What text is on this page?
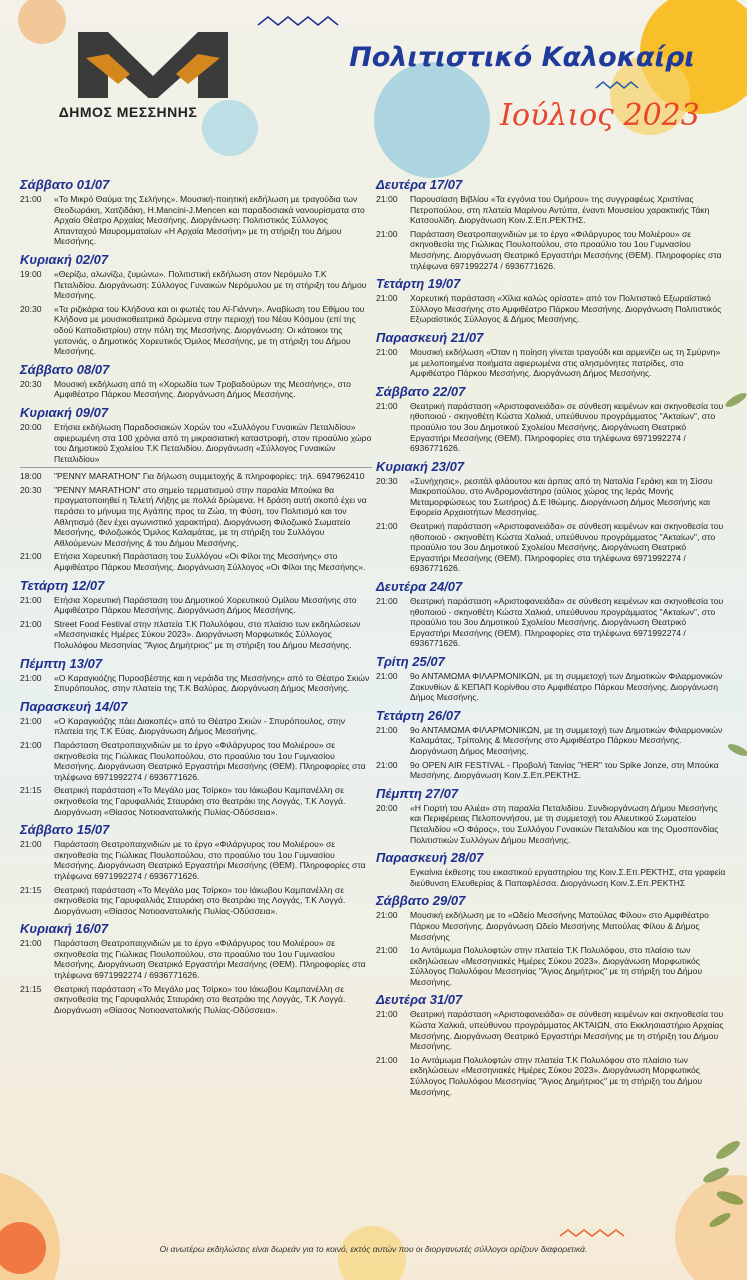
ΔΗΜΟΣ ΜΕΣΣΗΝΗΣ
Πολιτιστικό Καλοκαίρι
Ιούλιος 2023
Σάββατο 01/07
21:00	«Το Μικρό Θαύμα της Σελήνης». Μουσική-ποιητική εκδήλωση με τραγούδια των Θεοδωράκη, Χατζιδάκη, Η.Mancini-J.Mencen και παραδοσιακά νανουρίσματα στο Αρχαίο Θέατρο Αρχαίας Μεσσήνης. Διοργάνωση: Πολιτιστικός Σύλλογος Απανταχού Μαυρομματαίων «Η Αρχαία Μεσσήνη» με τη στήριξη του Δήμου Μεσσήνης.
Κυριακή 02/07
19:00	«Θερίζω, αλωνίζω, ζυμώνω». Πολιτιστική εκδήλωση στον Νερόμυλο Τ.Κ Πεταλιδίου. Διοργάνωση: Σύλλογος Γυναικών Νερόμυλου με τη στήριξη του Δήμου Μεσσήνης.
20:30	«Τα ριζικάρια του Κλήδονα και οι φωτιές του Αϊ-Γιάννη». Αναβίωση του Εθίμου του Κλήδονα με μουσικοθεατρικά δρώμενα στην περιοχή του Νέου Κόσμου (επί της οδού Καποδιστρίου) στην πόλη της Μεσσήνης. Διοργάνωση: Οι κάτοικοι της γειτονιάς, ο Δημοτικός Χορευτικός Όμιλος Μεσσήνης, με τη στήριξη του Δήμου Μεσσήνης.
Σάββατο 08/07
20:30	Μουσική εκδήλωση από τη «Χορωδία των Τροβαδούρων της Μεσσήνης», στο Αμφιθέατρο Πάρκου Μεσσήνης. Διοργάνωση Δήμος Μεσσήνης.
Κυριακή 09/07
20:00	Ετήσια εκδήλωση Παραδοσιακών Χορών του «Συλλόγου Γυναικών Πεταλιδίου» αφιερωμένη στα 100 χρόνια από τη μικρασιατική καταστροφή, στον προαύλιο χώρο του Δημοτικού Σχολείου Τ.Κ Πεταλιδίου. Διοργάνωση «Σύλλογος Γυναικών Πεταλιδίου»
18:00	"PENNY MARATHON" Για δήλωση συμμετοχής & πληροφορίες: τηλ. 6947962410
20:30	"PENNY MARATHON" στο σημείο τερματισμού στην παραλία Μπούκα θα πραγματοποιηθεί η Τελετή Λήξης με πολλά δρώμενα. Η δράση αυτή σκοπό έχει να περάσει το μήνυμα της Αγάπης προς τα Ζώα, τη Φύση, τον Πολιτισμό και τον Αθλητισμό (δεν έχει αγωνιστικό χαρακτήρα). Διοργάνωση Φιλοζωικό Σωματείο Μεσσήνης, Φιλοζωικός Όμιλος Καλαμάτας, με τη στήριξη του Συλλόγου Αθλούμενων Μεσσήνης & του Δήμου Μεσσήνης.
21:00	Ετήσια Χορευτική Παράσταση του Συλλόγου «Οι Φίλοι της Μεσσήνης» στο Αμφιθέατρο Πάρκου Μεσσήνης. Διοργάνωση Σύλλογος «Οι Φίλοι της Μεσσήνης».
Τετάρτη 12/07
21:00	Ετήσια Χορευτική Παράσταση του Δημοτικού Χορευτικού Ομίλου Μεσσήνης στο Αμφιθέατρο Πάρκου Μεσσήνης. Διοργάνωση Δήμος Μεσσήνης.
21:00	Street Food Festival στην πλατεία Τ.Κ Πολυλόφου, στο πλαίσιο των εκδηλώσεων «Μεσσηνιακές Ημέρες Σύκου 2023». Διοργάνωση Μορφωτικός Σύλλογος Πολυλόφου Μεσσηνίας "Άγιος Δημήτριος" με τη στήριξη του Δήμου Μεσσήνης.
Πέμπτη 13/07
21:00	«Ο Καραγκιόζης Πυροσβέστης και η νεράιδα της Μεσσήνης» από το Θέατρο Σκιών Σπυρόπουλος, στην πλατεία της Τ.Κ Βαλύρας. Διοργάνωση Δήμος Μεσσήνης.
Παρασκευή 14/07
21:00	«Ο Καραγκιόζης πάει Διακοπές» από το Θέατρο Σκιών - Σπυρόπουλος, στην πλατεία της Τ.Κ Εύας. Διοργάνωση Δήμος Μεσσήνης.
21:00	Παράσταση Θεατροπαιχνιδιών με το έργο «Φιλάργυρος του Μολιέρου» σε σκηνοθεσία της Γιώλικας Πουλοπούλου, στο προαύλιο του 1ου Γυμνασίου Μεσσήνης. Διοργάνωση Θεατρικό Εργαστήρι Μεσσήνης (ΘΕΜ). Πληροφορίες στα τηλέφωνα 6971992274 / 6936771626.
21:15	Θεατρική παράσταση «Το Μεγάλο μας Τσίρκο» του Ιάκωβου Καμπανέλλη σε σκηνοθεσία της Γαρυφαλλιάς Σταυράκη στο θεατράκι της Λογγάς, Τ.Κ Λογγά. Διοργάνωση «Θίασος Νοτιοανατολικής Πυλίας-Οδύσσεια».
Σάββατο 15/07
21:00	Παράσταση Θεατροπαιχνιδιών με το έργο «Φιλάργυρος του Μολιέρου» σε σκηνοθεσία της Γιώλικας Πουλοπούλου, στο προαύλιο του 1ου Γυμνασίου Μεσσήνης. Διοργάνωση Θεατρικό Εργαστήρι Μεσσήνης (ΘΕΜ). Πληροφορίες στα τηλέφωνα 6971992274 / 6936771626.
21:15	Θεατρική παράσταση «Το Μεγάλο μας Τσίρκο» του Ιάκωβου Καμπανέλλη σε σκηνοθεσία της Γαρυφαλλιάς Σταυράκη στο θεατράκι της Λογγάς, Τ.Κ Λογγά. Διοργάνωση «Θίασος Νοτιοανατολικής Πυλίας-Οδύσσεια».
Κυριακή 16/07
21:00	Παράσταση Θεατροπαιχνιδιών με το έργο «Φιλάργυρος του Μολιέρου» σε σκηνοθεσία της Γιώλικας Πουλοπούλου, στο προαύλιο του 1ου Γυμνασίου Μεσσήνης. Διοργάνωση Θεατρικό Εργαστήρι Μεσσήνης (ΘΕΜ). Πληροφορίες στα τηλέφωνα 6971992274 / 6936771626.
21:15	Θεατρική παράσταση «Το Μεγάλο μας Τσίρκο» του Ιάκωβου Καμπανέλλη σε σκηνοθεσία της Γαρυφαλλιάς Σταυράκη στο θεατράκι της Λογγάς, Τ.Κ Λογγά. Διοργάνωση «Θίασος Νοτιοανατολικής Πυλίας-Οδύσσεια».
Δευτέρα 17/07
21:00	Παρουσίαση Βιβλίου «Τα εγγόνια του Ομήρου» της συγγραφέως Χριστίνας Πετροπούλου, στη πλατεία Μαρίνου Αντύπα, έναντι Μουσείου χαρακτικής Τάκη Κατσουλίδη. Διοργάνωση Κοιν.Σ.Επ.ΡΕΚΤΗΣ.
21:00	Παράσταση Θεατροπαιχνιδιών με το έργο «Φιλάργυρος του Μολιέρου» σε σκηνοθεσία της Γιώλικας Πουλοπούλου, στο προαύλιο του 1ου Γυμνασίου Μεσσήνης. Διοργάνωση Θεατρικό Εργαστήρι Μεσσήνης (ΘΕΜ). Πληροφορίες στα τηλέφωνα 6971992274 / 6936771626.
Τετάρτη 19/07
21:00	Χορευτική παράσταση «Χίλια καλώς ορίσατε» από τον Πολιτιστικό Εξωραϊστικό Σύλλογο Μεσσήνης στο Αμφιθέατρο Πάρκου Μεσσήνης. Διοργάνωση Πολιτιστικός Εξωραϊστικός Σύλλογος & Δήμος Μεσσήνης.
Παρασκευή 21/07
21:00	Μουσική εκδήλωση «Όταν η ποίηση γίνεται τραγούδι και αρμενίζει ως τη Σμύρνη» με μελοποιημένα ποιήματα αφιερωμένα στις αλησμόνητες πατρίδες, στο Αμφιθέατρο Πάρκου Μεσσήνης. Διοργάνωση Δήμος Μεσσήνης.
Σάββατο 22/07
21:00	Θεατρική παράσταση «Αριστοφανειάδα» σε σύνθεση κειμένων και σκηνοθεσία του ηθοποιού - σκηνοθέτη Κώστα Χαλκιά, υπεύθυνου προγράμματος "Ακταίων", στο προαύλιο του 3ου Δημοτικού Σχολείου Μεσσήνης. Διοργάνωση Θεατρικό Εργαστήρι Μεσσήνης (ΘΕΜ). Πληροφορίες στα τηλέφωνα 6971992274 / 6936771626.
Κυριακή 23/07
20:30	«Συνήχησις», ρεσιτάλ φλάουτου και άρπας από τη Ναταλία Γεράκη και τη Σίσσυ Μακροπούλου, στο Ανδρομονάστηρο (αύλιος χώρος της Ιεράς Μονής Μεταμορφώσεως του Σωτήρος) Δ.Ε Ιθώμης. Διοργάνωση Δήμος Μεσσήνης και Εφορεία Αρχαιοτήτων Μεσσηνίας.
21:00	Θεατρική παράσταση «Αριστοφανειάδα» σε σύνθεση κειμένων και σκηνοθεσία του ηθοποιού - σκηνοθέτη Κώστα Χαλκιά, υπεύθυνου προγράμματος "Ακταίων", στο προαύλιο του 3ου Δημοτικού Σχολείου Μεσσήνης. Διοργάνωση Θεατρικό Εργαστήρι Μεσσήνης (ΘΕΜ). Πληροφορίες στα τηλέφωνα 6971992274 / 6936771626.
Δευτέρα 24/07
21:00	Θεατρική παράσταση «Αριστοφανειάδα» σε σύνθεση κειμένων και σκηνοθεσία του ηθοποιού - σκηνοθέτη Κώστα Χαλκιά, υπεύθυνου προγράμματος "Ακταίων", στο προαύλιο του 3ου Δημοτικού Σχολείου Μεσσήνης. Διοργάνωση Θεατρικό Εργαστήρι Μεσσήνης (ΘΕΜ). Πληροφορίες στα τηλέφωνα 6971992274 / 6936771626.
Τρίτη 25/07
21:00	9ο ΑΝΤΑΜΩΜΑ ΦΙΛΑΡΜΟΝΙΚΩΝ, με τη συμμετοχή των Δημοτικών Φιλαρμονικών Ζακυνθίων & ΚΕΠΑΠ Κορίνθου στο Αμφιθέατρο Πάρκου Μεσσήνης. Διοργάνωση Δήμος Μεσσήνης.
Τετάρτη 26/07
21:00	9ο ΑΝΤΑΜΩΜΑ ΦΙΛΑΡΜΟΝΙΚΩΝ, με τη συμμετοχή των Δημοτικών Φιλαρμονικών Καλαμάτας, Τρίπολης & Μεσσήνης στο Αμφιθέατρο Πάρκου Μεσσήνης. Διοργάνωση Δήμος Μεσσήνης.
21:00	9ο OPEN AIR FESTIVAL - Προβολή Ταινίας "HER" του Spike Jonze, στη Μπούκα Μεσσήνης. Διοργάνωση Κοιν.Σ.Επ.ΡΕΚΤΗΣ.
Πέμπτη 27/07
20:00	«Η Γιορτή του Αλιέα» στη παραλία Πεταλιδίου. Συνδιοργάνωση Δήμου Μεσσήνης και Περιφέρειας Πελοποννήσου, με τη συμμετοχή του Αλιευτικού Σωματείου Πεταλιδίου «Ο Φάρος», του Συλλόγου Γυναικών Πεταλιδίου και της Ομοσπονδίας Πολιτιστικών Συλλόγων Δήμου Μεσσήνης.
Παρασκευή 28/07
Εγκαίνια έκθεσης του εικαστικού εργαστηρίου της Κοιν.Σ.Επ.ΡΕΚΤΗΣ, στα γραφεία διεύθυνση Ελευθερίας & Παπαφλέσσα. Διοργάνωση Κοιν.Σ.Επ.ΡΕΚΤΗΣ
Σάββατο 29/07
21:00	Μουσική εκδήλωση με το «Ωδείο Μεσσήνης Ματούλας Φίλου» στο Αμφιθέατρο Πάρκου Μεσσήνης. Διοργάνωση Ωδείο Μεσσήνης Ματούλας Φίλου & Δήμος Μεσσήνης
21:00	1ο Αντάμωμα Πολυλοφτών στην πλατεία Τ.Κ Πολυλόφου, στο πλαίσιο των εκδηλώσεων «Μεσσηνιακές Ημέρες Σύκου 2023». Διοργάνωση Μορφωτικός Σύλλογος Πολυλόφου Μεσσηνίας "Άγιος Δημήτριος" με τη στήριξη του Δήμου Μεσσήνης.
Δευτέρα 31/07
21:00	Θεατρική παράσταση «Αριστοφανειάδα» σε σύνθεση κειμένων και σκηνοθεσία του Κώστα Χαλκιά, υπεύθυνου προγράμματος ΑΚΤΑΙΩΝ, στο Εκκλησιαστήριο Αρχαίας Μεσσήνης. Διοργάνωση Θεατρικό Εργαστήρι Μεσσήνης με τη στήριξη του Δήμου Μεσσήνης.
21:00	1ο Αντάμωμα Πολυλοφτών στην πλατεία Τ.Κ Πολυλόφου στο πλαίσιο των εκδηλώσεων «Μεσσηνιακές Ημέρες Σύκου 2023». Διοργάνωση Μορφωτικός Σύλλογος Πολυλόφου Μεσσηνίας "Άγιος Δημήτριος" με τη στήριξη του Δήμου Μεσσήνης.
Οι ανωτέρω εκδηλώσεις είναι δωρεάν για το κοινό, εκτός αυτών που οι διοργανωτές σύλλογοι ορίζουν διαφορετικά.
